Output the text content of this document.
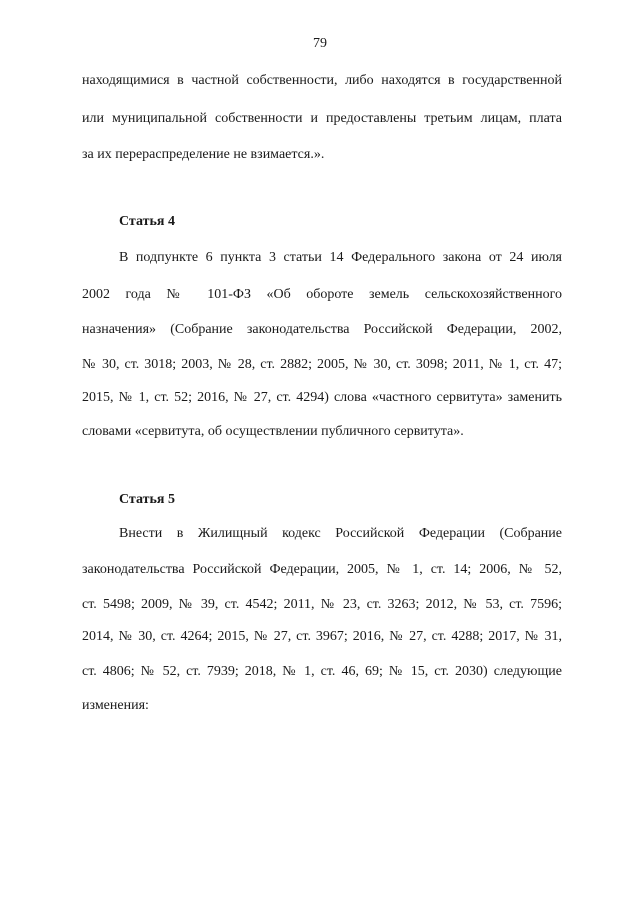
79
находящимися в частной собственности, либо находятся в государственной
или муниципальной собственности и предоставлены третьим лицам, плата
за их перераспределение не взимается.».
Статья 4
В подпункте 6 пункта 3 статьи 14 Федерального закона от 24 июля
2002 года № 101-ФЗ «Об обороте земель сельскохозяйственного
назначения» (Собрание законодательства Российской Федерации, 2002,
№ 30, ст. 3018; 2003, № 28, ст. 2882; 2005, № 30, ст. 3098; 2011, № 1, ст. 47;
2015, № 1, ст. 52; 2016, № 27, ст. 4294) слова «частного сервитута» заменить
словами «сервитута, об осуществлении публичного сервитута».
Статья 5
Внести в Жилищный кодекс Российской Федерации (Собрание
законодательства Российской Федерации, 2005, № 1, ст. 14; 2006, № 52,
ст. 5498; 2009, № 39, ст. 4542; 2011, № 23, ст. 3263; 2012, № 53, ст. 7596;
2014, № 30, ст. 4264; 2015, № 27, ст. 3967; 2016, № 27, ст. 4288; 2017, № 31,
ст. 4806; № 52, ст. 7939; 2018, № 1, ст. 46, 69; № 15, ст. 2030) следующие
изменения:
